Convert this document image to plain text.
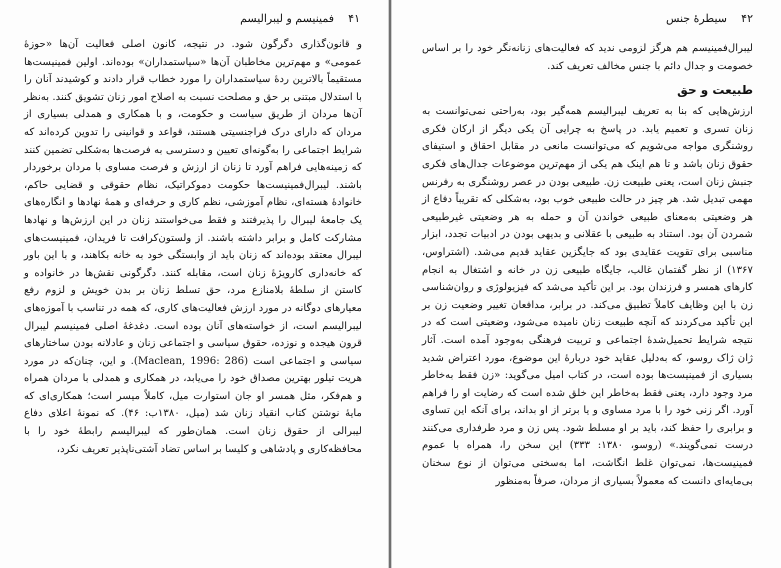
۴۱
فمینیسم و لیبرالیسم

و قانون‌گذاری دگرگون شود. در نتیجه، کانون اصلی فعالیت آن‌ها «حوزهٔ عمومی» و مهم‌ترین مخاطبان آن‌ها «سیاستمداران» بوده‌اند. اولین فمینیست‌ها مستقیماً بالاترین ردهٔ سیاستمداران را مورد خطاب قرار دادند و کوشیدند آنان را با استدلال مبتنی بر حق و مصلحت نسبت به اصلاح امور زنان تشویق کنند. به‌نظر آن‌ها مردان از طریق سیاست و حکومت، و با همکاری و همدلی بسیاری از مردان که دارای درک فراجنسیتی هستند، قواعد و قوانینی را تدوین کرده‌اند که شرایط اجتماعی را به‌گونه‌ای تعیین و دسترسی به فرصت‌ها به‌شکلی تضمین کنند که زمینه‌هایی فراهم آورد تا زنان از ارزش و فرصت مساوی با مردان برخوردار باشند. لیبرال‌فمینیست‌ها حکومت دموکراتیک، نظام حقوقی و قضایی حاکم، خانوادهٔ هسته‌ای، نظام آموزشی، نظم کاری و حرفه‌ای و همهٔ نهادها و انگاره‌های یک جامعهٔ لیبرال را پذیرفتند و فقط می‌خواستند زنان در این ارزش‌ها و نهادها مشارکت کامل و برابر داشته باشند. از ولستون‌کرافت تا فریدان، فمینیست‌های لیبرال معتقد بوده‌اند که زنان باید از وابستگی خود به خانه بکاهند، و با این باور که خانه‌داری کارویژهٔ زنان است، مقابله کنند. دگرگونی نقش‌ها در خانواده و کاستن از سلطهٔ بلامنازع مرد، حق تسلط زنان بر بدن خویش و لزوم رفع معیارهای دوگانه در مورد ارزش فعالیت‌های کاری، که همه در تناسب با آموزه‌های لیبرالیسم است، از خواسته‌های آنان بوده است. دغدغهٔ اصلی فمینیسم لیبرال قرون هیجده و نوزده، حقوق سیاسی و اجتماعی زنان و عادلانه بودن ساختارهای سیاسی و اجتماعی است (Maclean, 1996: 286). و این، چنان‌که در مورد هریت تیلور بهترین مصداق خود را می‌یابد، در همکاری و همدلی با مردان همراه و هم‌فکر، مثل همسر او جان استوارت میل، کاملاً میسر است؛ همکاری‌ای که مایهٔ نوشتن کتاب انقیاد زنان شد (میل، ۱۳۸۰ب: ۴۶). که نمونهٔ اعلای دفاع لیبرالی از حقوق زنان است. همان‌طور که لیبرالیسم رابطهٔ خود را با محافظه‌کاری و پادشاهی و کلیسا بر اساس تضاد آشتی‌ناپذیر تعریف نکرد،

۴۲
سیطرهٔ جنس

لیبرال‌فمینیسم هم هرگز لزومی ندید که فعالیت‌های زنانه‌نگر خود را بر اساس خصومت و جدال دائم با جنس مخالف تعریف کند.

طبیعت و حق

ارزش‌هایی که بنا به تعریف لیبرالیسم همه‌گیر بود، به‌راحتی نمی‌توانست به زنان تسری و تعمیم یابد. در پاسخ به چرایی آن یکی دیگر از ارکان فکری روشنگری مواجه می‌شویم که می‌توانست مانعی در مقابل احقاق و استیفای حقوق زنان باشد و تا هم اینک هم یکی از مهم‌ترین موضوعات جدال‌های فکری جنبش زنان است، یعنی طبیعت زن. طبیعی بودن در عصر روشنگری به رفرنس مهمی تبدیل شد. هر چیز در حالت طبیعی خوب بود، به‌شکلی که تقریباً دفاع از هر وضعیتی به‌معنای طبیعی خواندن آن و حمله به هر وضعیتی غیرطبیعی شمردن آن بود. استناد به طبیعی با عقلانی و بدیهی بودن در ادبیات تجدد، ابزار مناسبی برای تقویت عقایدی بود که جایگزین عقاید قدیم می‌شد. (اشتراوس، ۱۳۶۷) از نظر گفتمان غالب، جایگاه طبیعی زن در خانه و اشتغال به انجام کارهای همسر و فرزندان بود. بر این تأکید می‌شد که فیزیولوژی و روان‌شناسی زن با این وظایف کاملاً تطبیق می‌کند. در برابر، مدافعان تغییر وضعیت زن بر این تأکید می‌کردند که آنچه طبیعت زنان نامیده می‌شود، وضعیتی است که در نتیجه شرایط تحمیل‌شدهٔ اجتماعی و تربیت فرهنگی به‌وجود آمده است. آثار ژان ژاک روسو، که به‌دلیل عقاید خود دربارهٔ این موضوع، مورد اعتراض شدید بسیاری از فمینیست‌ها بوده است، در کتاب امیل می‌گوید: «زن فقط به‌خاطر مرد وجود دارد، یعنی فقط به‌خاطر این خلق شده است که رضایت او را فراهم آورد. اگر زنی خود را با مرد مساوی و یا برتر از او بداند، برای آنکه این تساوی و برابری را حفظ کند، باید بر او مسلط شود. پس زن و مرد طرفداری می‌کنند درست نمی‌گویند.» (روسو، ۱۳۸۰: ۳۳۳) این سخن را، همراه با عموم فمینیست‌ها، نمی‌توان غلط انگاشت، اما به‌سختی می‌توان از نوع سخنان بی‌مایه‌ای دانست که معمولاً بسیاری از مردان، صرفاً به‌منظور
